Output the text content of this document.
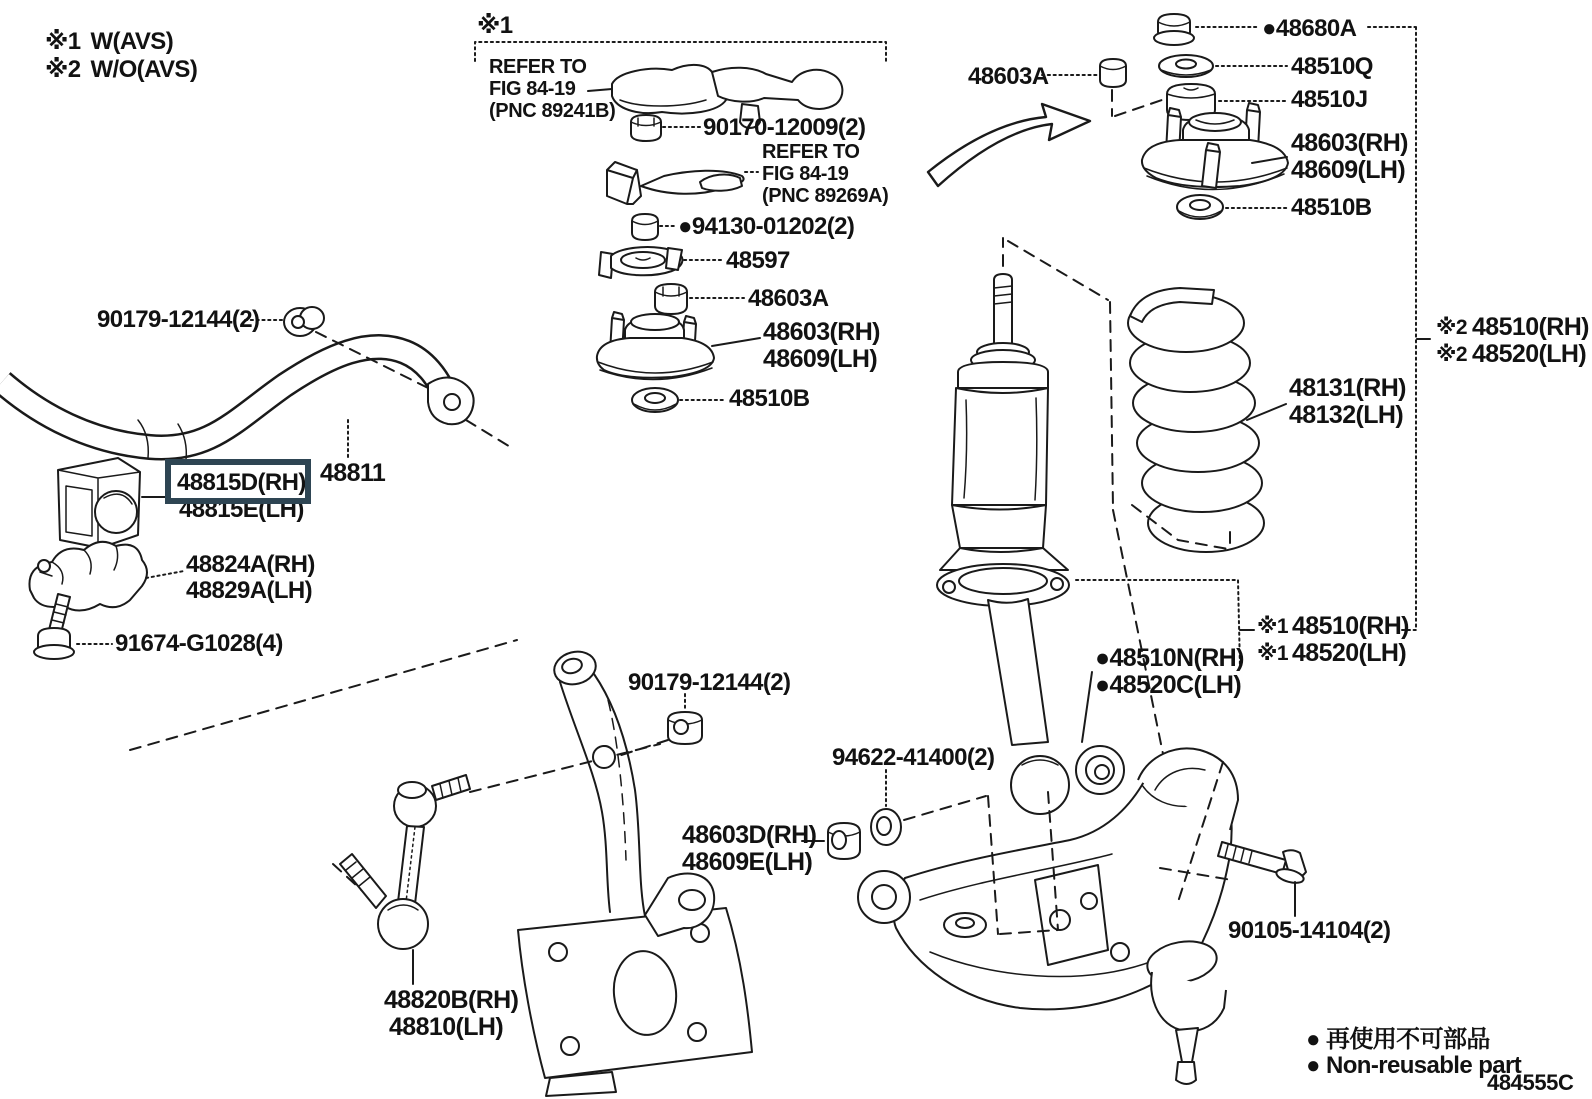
※1 W(AVS)
※2 W/O(AVS)
※1
REFER TO
FIG 84-19
(PNC 89241B)
90170-12009(2)
REFER TO
FIG 84-19
(PNC 89269A)
●94130-01202(2)
48597
48603A
48603(RH)
48609(LH)
48510B
●48680A
48603A	48510Q
48510J
48603(RH)
48609(LH)
48510B
※2 48510(RH)
※2 48520(LH)
48131(RH)
48132(LH)
※1 48510(RH)
※1 48520(LH)
●48510N(RH)
●48520C(LH)
48811
90179-12144(2)
48815D(RH)
48815E(LH)
48824A(RH)
48829A(LH)
91674-G1028(4)
48820B(RH)
48810(LH)
90179-12144(2)
94622-41400(2)
48603D(RH)
48609E(LH)
90105-14104(2)
● 再使用不可部品
● Non-reusable part
484555C
